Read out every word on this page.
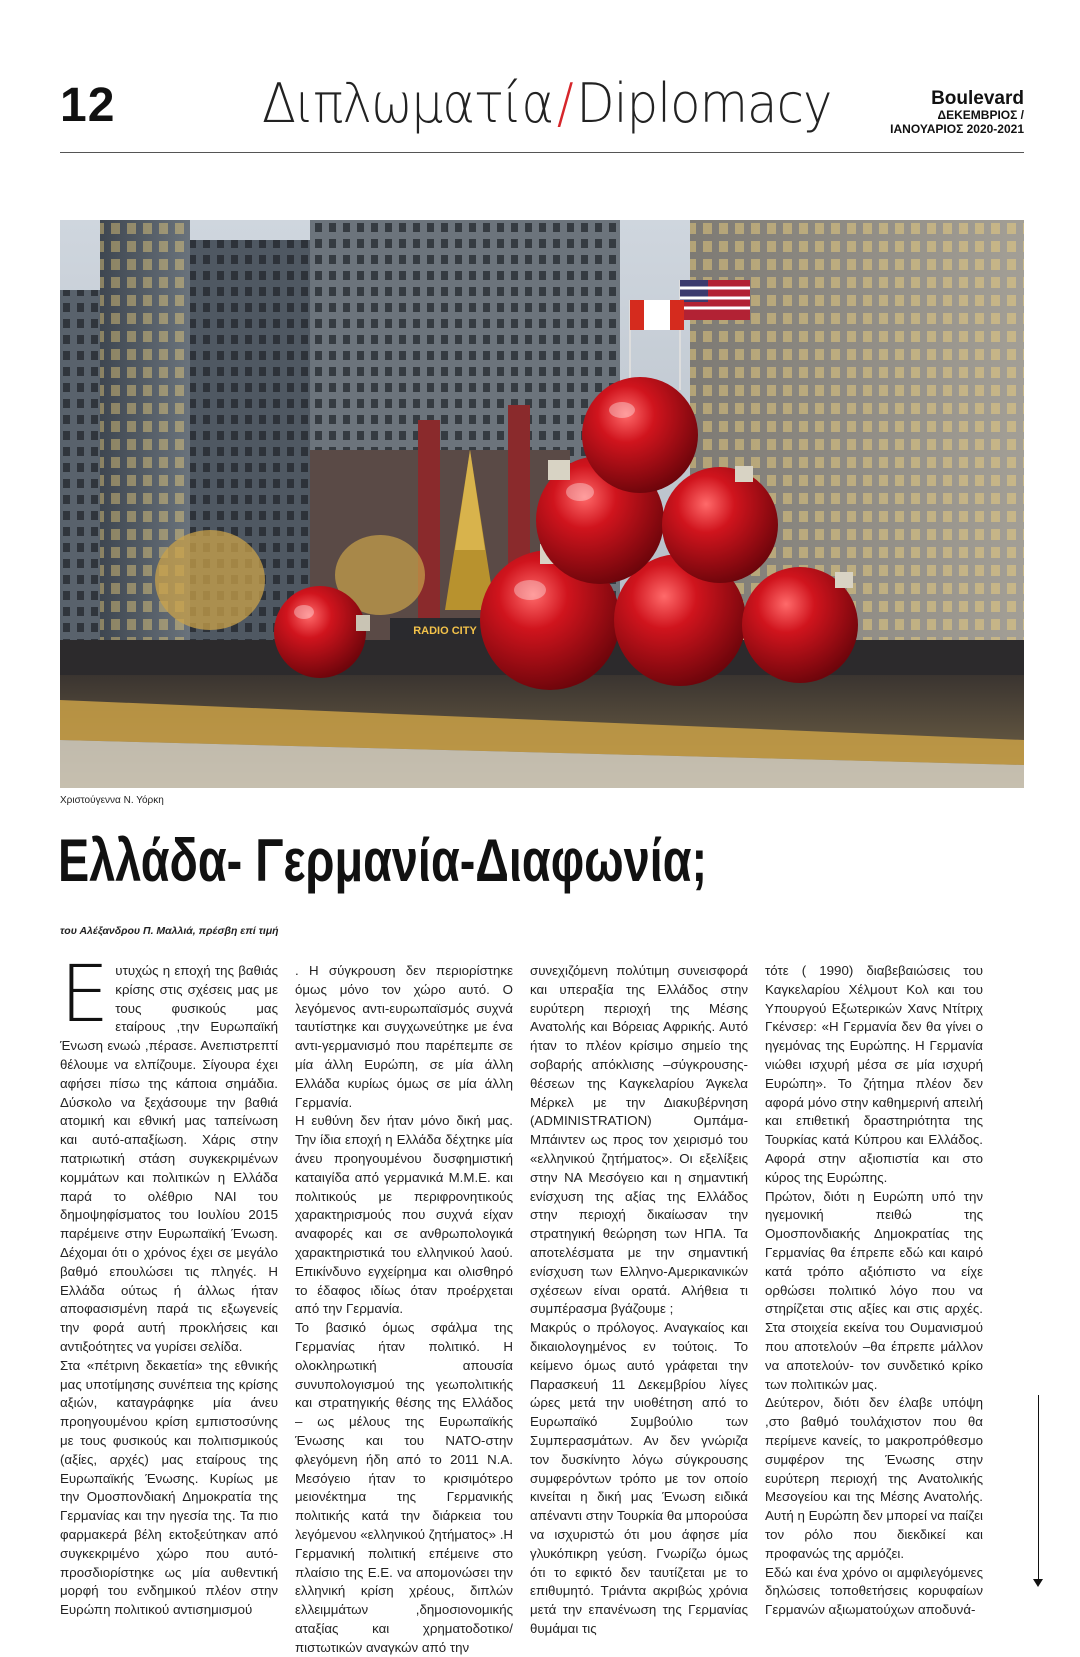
12	Διπλωματία/Diplomacy	Boulevard
ΔΕΚΕΜΒΡΙΟΣ /
ΙΑΝΟΥΑΡΙΟΣ 2020-2021
RADIO CITY
Χριστούγεννα Ν. Υόρκη
Ελλάδα- Γερμανία-Διαφωνία;
του Αλέξανδρου Π. Μαλλιά, πρέσβη επί τιμή

Ευτυχώς η εποχή της βαθιάς κρίσης στις σχέσεις μας με τους φυσικούς μας εταίρους ,την Ευρωπαϊκή Ένωση ενωώ ,πέρασε. Ανεπιστρεπτί θέλουμε να ελπίζουμε. Σίγουρα έχει αφήσει πίσω της κάποια σημάδια. Δύσκολο να ξεχάσουμε την βαθιά ατομική και εθνική μας ταπείνωση και αυτό-απαξίωση. Χάρις στην πατριωτική στάση συγκεκριμένων κομμάτων και πολιτικών η Ελλάδα παρά το ολέθριο ΝΑΙ του δημοψηφίσματος του Ιουλίου 2015 παρέμεινε στην Ευρωπαϊκή Ένωση. Δέχομαι ότι ο χρόνος έχει σε μεγάλο βαθμό επουλώσει τις πληγές. Η Ελλάδα ούτως ή άλλως ήταν αποφασισμένη παρά τις εξωγενείς την φορά αυτή προκλήσεις και αντιξοότητες να γυρίσει σελίδα.

Στα «πέτρινη δεκαετία» της εθνικής μας υποτίμησης συνέπεια της κρίσης αξιών, καταγράφηκε μία άνευ προηγουμένου κρίση εμπιστοσύνης με τους φυσικούς και πολιτισμικούς (αξίες, αρχές) μας εταίρους της Ευρωπαϊκής Ένωσης. Κυρίως με την Ομοσπονδιακή Δημοκρατία της Γερμανίας και την ηγεσία της. Τα πιο φαρμακερά βέλη εκτοξεύτηκαν από συγκεκριμένο χώρο που αυτό-προσδιορίστηκε ως μία αυθεντική μορφή του ενδημικού πλέον στην Ευρώπη πολιτικού αντισημισμού

. Η σύγκρουση δεν περιορίστηκε όμως μόνο τον χώρο αυτό. Ο λεγόμενος αντι-ευρωπαϊσμός συχνά ταυτίστηκε και συγχωνεύτηκε με ένα αντι-γερμανισμό που παρέπεμπε σε μία άλλη Ευρώπη, σε μία άλλη Ελλάδα κυρίως όμως σε μία άλλη Γερμανία.

Η ευθύνη δεν ήταν μόνο δική μας. Την ίδια εποχή η Ελλάδα δέχτηκε μία άνευ προηγουμένου δυσφημιστική καταιγίδα από γερμανικά Μ.Μ.Ε. και πολιτικούς με περιφρονητικούς χαρακτηρισμούς που συχνά είχαν αναφορές και σε ανθρωπολογικά χαρακτηριστικά του ελληνικού λαού. Επικίνδυνο εγχείρημα και ολισθηρό το έδαφος ιδίως όταν προέρχεται από την Γερμανία.

Το βασικό όμως σφάλμα της Γερμανίας ήταν πολιτικό. Η ολοκληρωτική απουσία συνυπολογισμού της γεωπολιτικής και στρατηγικής θέσης της Ελλάδος – ως μέλους της Ευρωπαϊκής Ένωσης και του ΝΑΤΟ-στην φλεγόμενη ήδη από το 2011 Ν.Α. Μεσόγειο ήταν το κρισιμότερο μειονέκτημα της Γερμανικής πολιτικής κατά την διάρκεια του λεγόμενου «ελληνικού ζητήματος» .Η Γερμανική πολιτική επέμεινε στο πλαίσιο της Ε.Ε. να απομονώσει την ελληνική κρίση χρέους, διπλών ελλειμμάτων ,δημοσιονομικής αταξίας και χρηματοδοτικο/πιστωτικών αναγκών από την

συνεχιζόμενη πολύτιμη συνεισφορά και υπεραξία της Ελλάδος στην ευρύτερη περιοχή της Μέσης Ανατολής και Βόρειας Αφρικής. Αυτό ήταν το πλέον κρίσιμο σημείο της σοβαρής απόκλισης –σύγκρουσης- θέσεων της Καγκελαρίου Άγκελα Μέρκελ με την Διακυβέρνηση (ADMINISTRATION) Ομπάμα-Μπάιντεν ως προς τον χειρισμό του «ελληνικού ζητήματος». Οι εξελίξεις στην ΝΑ Μεσόγειο και η σημαντική ενίσχυση της αξίας της Ελλάδος στην περιοχή δικαίωσαν την στρατηγική θεώρηση των ΗΠΑ. Τα αποτελέσματα με την σημαντική ενίσχυση των Ελληνο-Αμερικανικών σχέσεων είναι ορατά. Αλήθεια τι συμπέρασμα βγάζουμε ;

Μακρύς ο πρόλογος. Αναγκαίος και δικαιολογημένος εν τούτοις. Το κείμενο όμως αυτό γράφεται την Παρασκευή 11 Δεκεμβρίου λίγες ώρες μετά την υιοθέτηση από το Ευρωπαϊκό Συμβούλιο των Συμπερασμάτων. Αν δεν γνώριζα τον δυσκίνητο λόγω σύγκρουσης συμφερόντων τρόπο με τον οποίο κινείται η δική μας Ένωση ειδικά απέναντι στην Τουρκία θα μπορούσα να ισχυριστώ ότι μου άφησε μία γλυκόπικρη γεύση. Γνωρίζω όμως ότι το εφικτό δεν ταυτίζεται με το επιθυμητό. Τριάντα ακριβώς χρόνια μετά την επανένωση της Γερμανίας θυμάμαι τις

τότε ( 1990) διαβεβαιώσεις του Καγκελαρίου Χέλμουτ Κολ και του Υπουργού Εξωτερικών Χανς Ντίτριχ Γκένσερ: «Η Γερμανία δεν θα γίνει ο ηγεμόνας της Ευρώπης. Η Γερμανία νιώθει ισχυρή μέσα σε μία ισχυρή Ευρώπη». Το ζήτημα πλέον δεν αφορά μόνο στην καθημερινή απειλή και επιθετική δραστηριότητα της Τουρκίας κατά Κύπρου και Ελλάδος. Αφορά στην αξιοπιστία και στο κύρος της Ευρώπης.

Πρώτον, διότι η Ευρώπη υπό την ηγεμονική πειθώ της Ομοσπονδιακής Δημοκρατίας της Γερμανίας θα έπρεπε εδώ και καιρό κατά τρόπο αξιόπιστο να είχε ορθώσει πολιτικό λόγο που να στηρίζεται στις αξίες και στις αρχές. Στα στοιχεία εκείνα του Ουμανισμού που αποτελούν –θα έπρεπε μάλλον να αποτελούν- τον συνδετικό κρίκο των πολιτικών μας.

Δεύτερον, διότι δεν έλαβε υπόψη ,στο βαθμό τουλάχιστον που θα περίμενε κανείς, το μακροπρόθεσμο συμφέρον της Ένωσης στην ευρύτερη περιοχή της Ανατολικής Μεσογείου και της Μέσης Ανατολής. Αυτή η Ευρώπη δεν μπορεί να παίζει τον ρόλο που διεκδικεί και προφανώς της αρμόζει.

Εδώ και ένα χρόνο οι αμφιλεγόμενες δηλώσεις τοποθετήσεις κορυφαίων Γερμανών αξιωματούχων αποδυνά-
